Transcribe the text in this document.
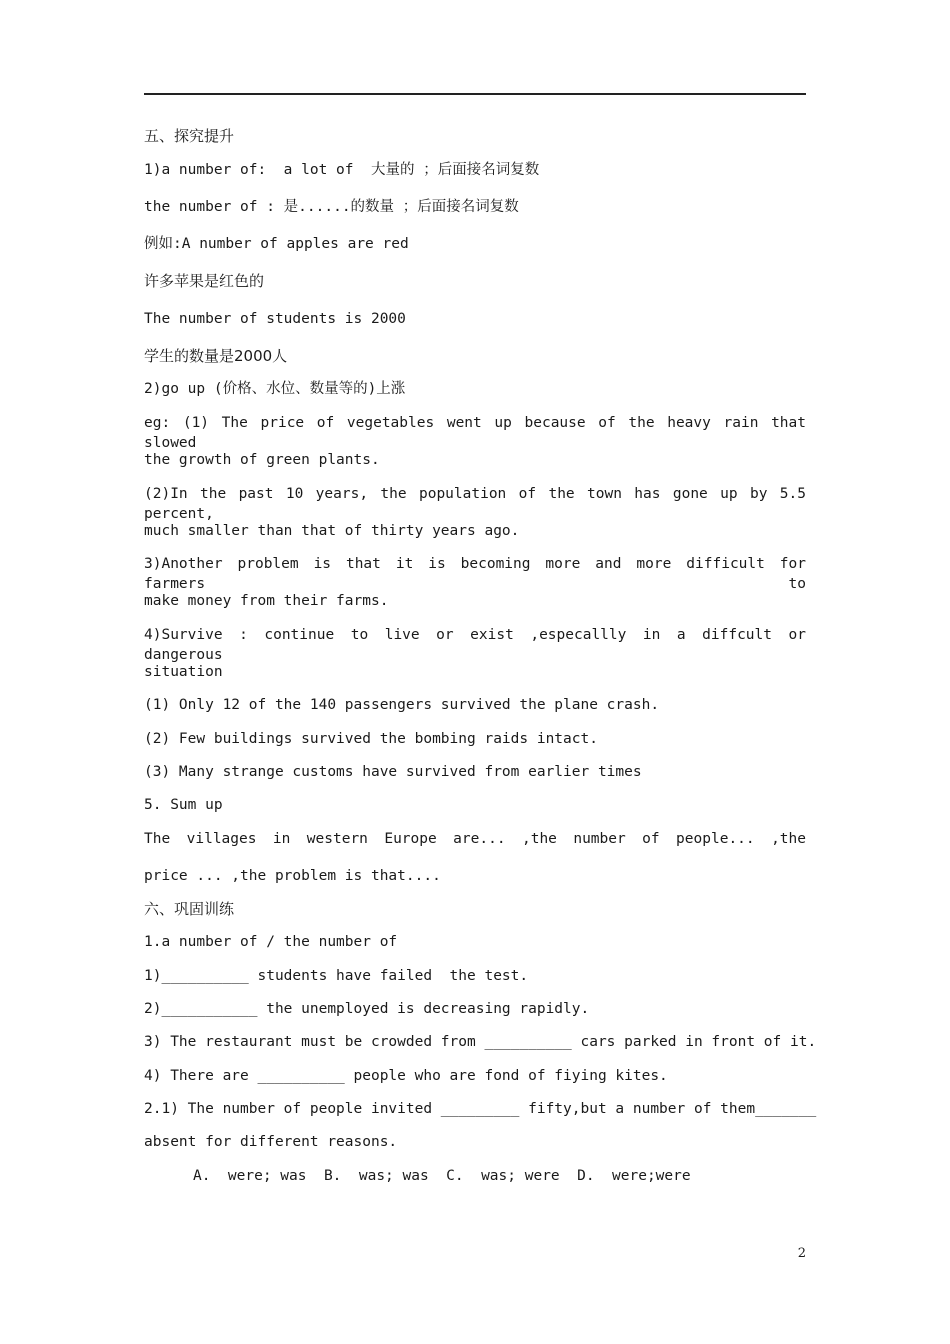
五、探究提升
1)a number of:  a lot of  大量的 ；后面接名词复数
the number of : 是......的数量 ；后面接名词复数
例如:A number of apples are red
许多苹果是红色的
The number of students is 2000
学生的数量是2000人
2)go up (价格、水位、数量等的)上涨
eg: (1) The price of vegetables went up because of the heavy rain that slowed
the growth of green plants.
(2)In the past 10 years, the population of the town has gone up by 5.5 percent,
much smaller than that of thirty years ago.
3)Another problem is that it is becoming more and more difficult for farmers to
make money from their farms.
4)Survive : continue to live or exist ,especallly in a diffcult or dangerous
situation
(1) Only 12 of the 140 passengers survived the plane crash.
(2) Few buildings survived the bombing raids intact.
(3) Many strange customs have survived from earlier times
5. Sum up
The villages in western Europe are... ,the number of people... ,the
price ... ,the problem is that....
六、巩固训练
1.a number of / the number of
1)__________ students have failed  the test.
2)___________ the unemployed is decreasing rapidly.
3) The restaurant must be crowded from __________ cars parked in front of it.
4) There are __________ people who are fond of fiying kites.
2.1) The number of people invited _________ fifty,but a number of them_______
absent for different reasons.
A.  were; was  B.  was; was  C.  was; were  D.  were;were
2
